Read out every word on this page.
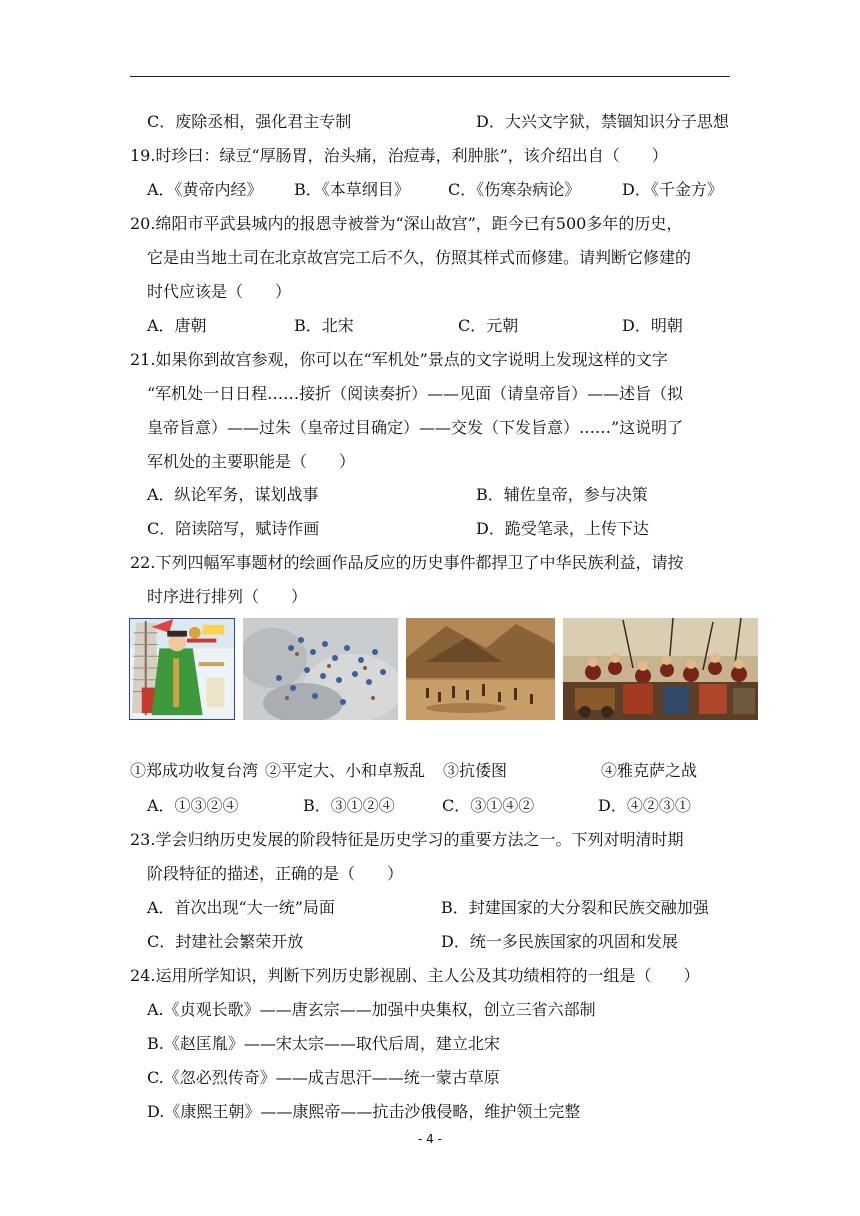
C．废除丞相，强化君主专制	D．大兴文字狱，禁锢知识分子思想
19.时珍曰：绿豆“厚肠胃，治头痛，治痘毒，利肿胀”，该介绍出自（　　）
A．《黄帝内经》 B．《本草纲目》 C．《伤寒杂病论》	D．《千金方》
20.绵阳市平武县城内的报恩寺被誉为“深山故宫”，距今已有500多年的历史，
它是由当地土司在北京故宫完工后不久，仿照其样式而修建。请判断它修建的
时代应该是（　　）
A．唐朝	B．北宋	C．元朝	D．明朝
21.如果你到故宫参观，你可以在“军机处”景点的文字说明上发现这样的文字
“军机处一日日程……接折（阅读奏折）——见面（请皇帝旨）——述旨（拟
皇帝旨意）——过朱（皇帝过目确定）——交发（下发旨意）……”这说明了
军机处的主要职能是（　　）
A．纵论军务，谋划战事	B．辅佐皇帝，参与决策
C．陪读陪写，赋诗作画	D．跪受笔录，上传下达
22.下列四幅军事题材的绘画作品反应的历史事件都捍卫了中华民族利益，请按
时序进行排列（　　）
①郑成功收复台湾 ②平定大、小和卓叛乱 ③抗倭图	④雅克萨之战
A．①③②④	B．③①②④	C．③①④②	D．④②③①
23.学会归纳历史发展的阶段特征是历史学习的重要方法之一。下列对明清时期
阶段特征的描述，正确的是（　　）
A．首次出现“大一统”局面	B．封建国家的大分裂和民族交融加强
C．封建社会繁荣开放	D．统一多民族国家的巩固和发展
24.运用所学知识，判断下列历史影视剧、主人公及其功绩相符的一组是（　　）
A.《贞观长歌》——唐玄宗——加强中央集权，创立三省六部制
B.《赵匡胤》——宋太宗——取代后周，建立北宋
C.《忽必烈传奇》——成吉思汗——统一蒙古草原
D.《康熙王朝》——康熙帝——抗击沙俄侵略，维护领土完整
- 4 -
